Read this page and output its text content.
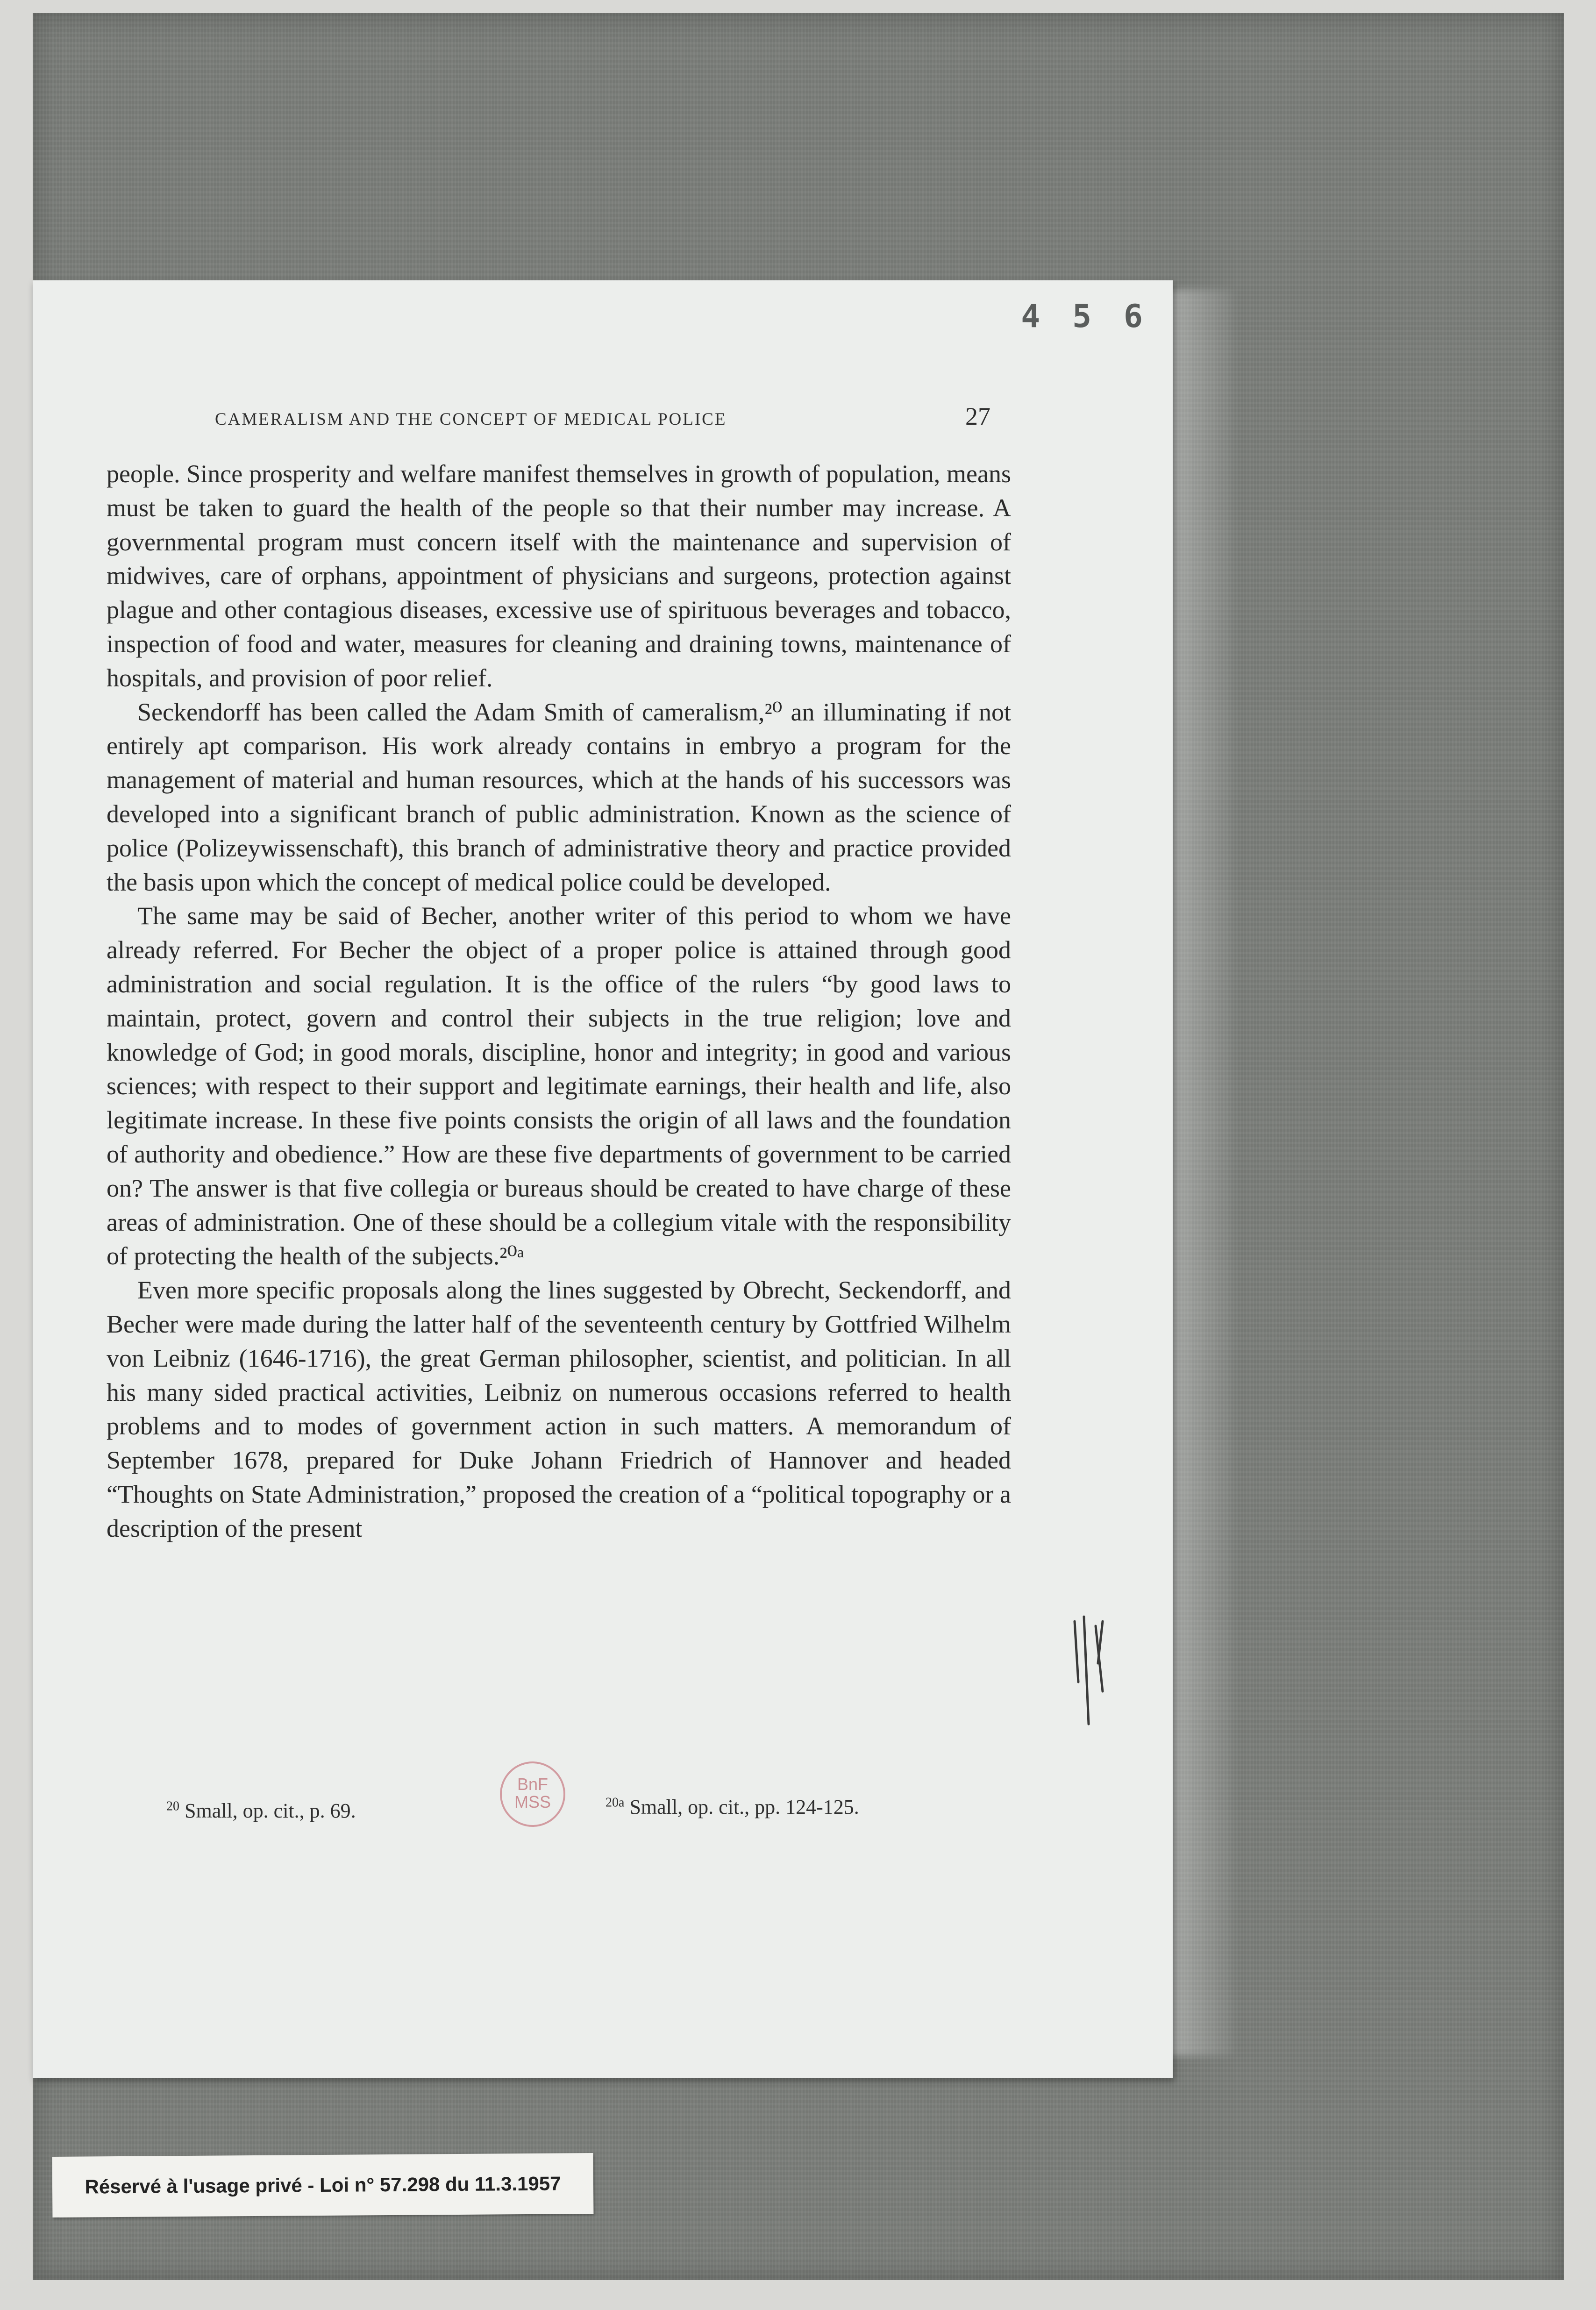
4 5 6
CAMERALISM AND THE CONCEPT OF MEDICAL POLICE	27

people. Since prosperity and welfare manifest themselves in growth of population, means must be taken to guard the health of the people so that their number may increase. A governmental program must concern itself with the maintenance and supervision of midwives, care of orphans, appointment of physicians and surgeons, protection against plague and other contagious diseases, excessive use of spirituous beverages and tobacco, inspection of food and water, measures for cleaning and draining towns, maintenance of hospitals, and provision of poor relief.

Seckendorff has been called the Adam Smith of cameralism,²⁰ an illuminating if not entirely apt comparison. His work already contains in embryo a program for the management of material and human resources, which at the hands of his successors was developed into a significant branch of public administration. Known as the science of police (Polizeywissenschaft), this branch of administrative theory and practice provided the basis upon which the concept of medical police could be developed.

The same may be said of Becher, another writer of this period to whom we have already referred. For Becher the object of a proper police is attained through good administration and social regulation. It is the office of the rulers “by good laws to maintain, protect, govern and control their subjects in the true religion; love and knowledge of God; in good morals, discipline, honor and integrity; in good and various sciences; with respect to their support and legitimate earnings, their health and life, also legitimate increase. In these five points consists the origin of all laws and the foundation of authority and obedience.” How are these five departments of government to be carried on? The answer is that five collegia or bureaus should be created to have charge of these areas of administration. One of these should be a collegium vitale with the responsibility of protecting the health of the subjects.²⁰ᵃ

Even more specific proposals along the lines suggested by Obrecht, Seckendorff, and Becher were made during the latter half of the seventeenth century by Gottfried Wilhelm von Leibniz (1646-1716), the great German philosopher, scientist, and politician. In all his many sided practical activities, Leibniz on numerous occasions referred to health problems and to modes of government action in such matters. A memorandum of September 1678, prepared for Duke Johann Friedrich of Hannover and headed “Thoughts on State Administration,” proposed the creation of a “political topography or a description of the present

$^{20}$ Small, op. cit., p. 69.	$^{20a}$ Small, op. cit., pp. 124-125.
BnF
MSS
Réservé à l'usage privé - Loi n° 57.298 du 11.3.1957
